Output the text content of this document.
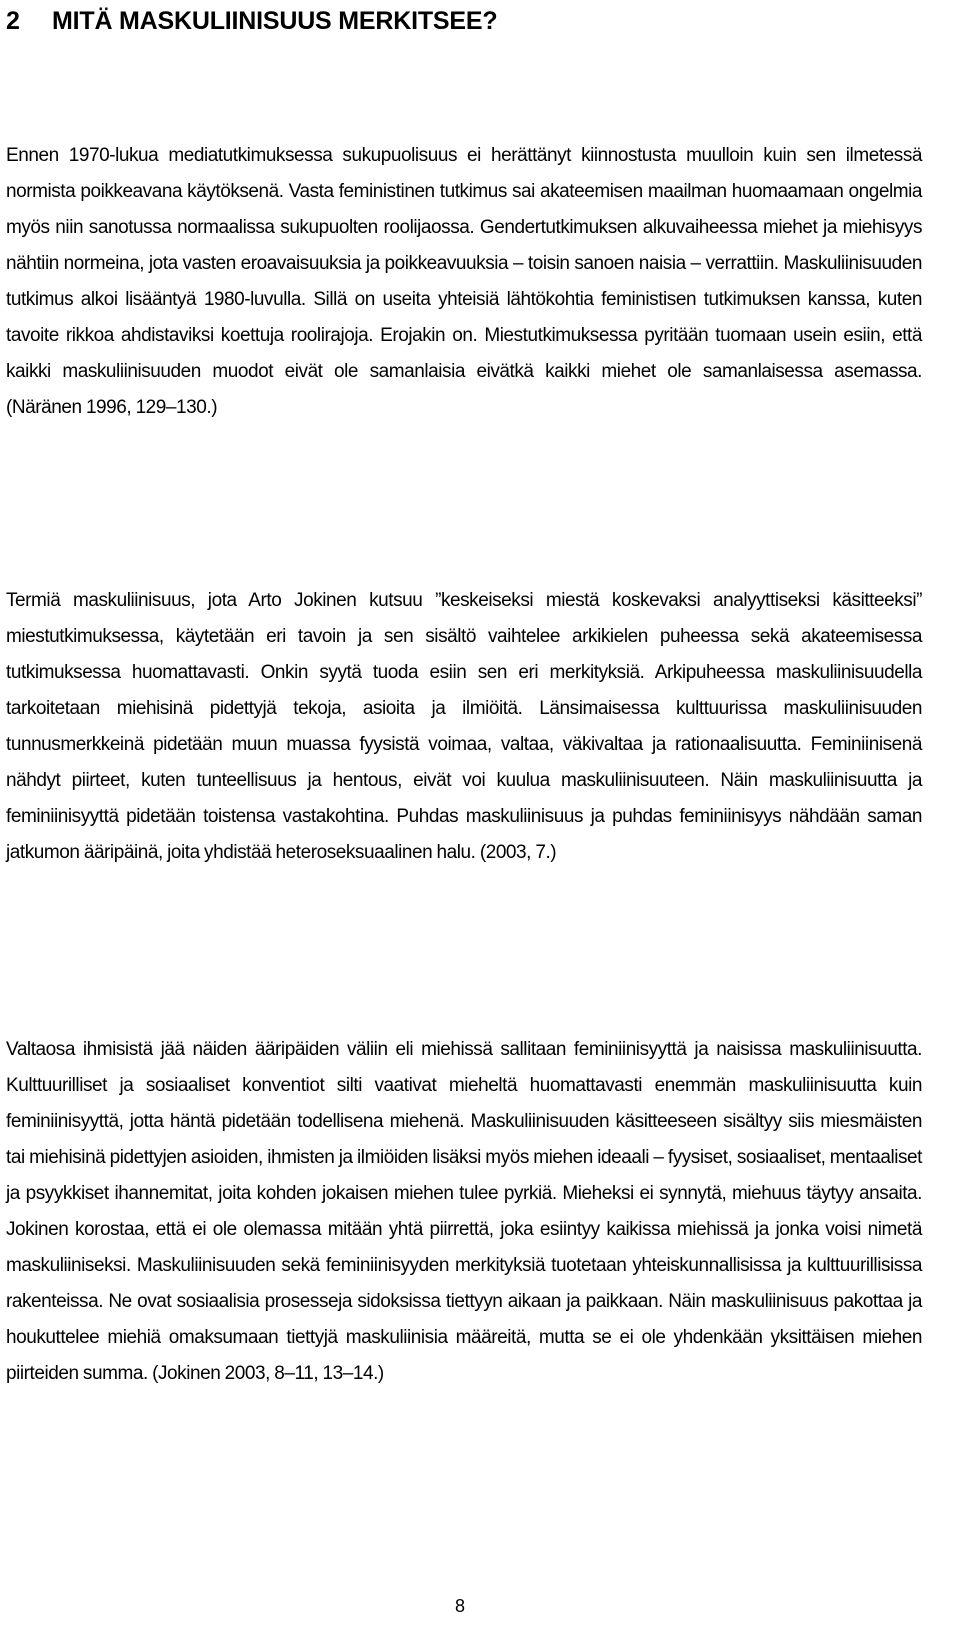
2 MITÄ MASKULIINISUUS MERKITSEE?

Ennen 1970-lukua mediatutkimuksessa sukupuolisuus ei herättänyt kiinnostusta muulloin kuin sen ilmetessä normista poikkeavana käytöksenä. Vasta feministinen tutkimus sai akateemisen maailman huomaamaan ongelmia myös niin sanotussa normaalissa sukupuolten roolijaossa. Gendertutkimuksen alkuvaiheessa miehet ja miehisyys nähtiin normeina, jota vasten eroavaisuuksia ja poikkeavuuksia – toisin sanoen naisia – verrattiin. Maskuliinisuuden tutkimus alkoi lisääntyä 1980-luvulla. Sillä on useita yhteisiä lähtökohtia feministisen tutkimuksen kanssa, kuten tavoite rikkoa ahdistaviksi koettuja roolirajoja. Erojakin on. Miestutkimuksessa pyritään tuomaan usein esiin, että kaikki maskuliinisuuden muodot eivät ole samanlaisia eivätkä kaikki miehet ole samanlaisessa asemassa. (Näränen 1996, 129–130.)

Termiä maskuliinisuus, jota Arto Jokinen kutsuu ”keskeiseksi miestä koskevaksi analyyttiseksi käsitteeksi” miestutkimuksessa, käytetään eri tavoin ja sen sisältö vaihtelee arkikielen puheessa sekä akateemisessa tutkimuksessa huomattavasti. Onkin syytä tuoda esiin sen eri merkityksiä. Arkipuheessa maskuliinisuudella tarkoitetaan miehisinä pidettyjä tekoja, asioita ja ilmiöitä. Länsimaisessa kulttuurissa maskuliinisuuden tunnusmerkkeinä pidetään muun muassa fyysistä voimaa, valtaa, väkivaltaa ja rationaalisuutta. Feminiinisenä nähdyt piirteet, kuten tunteellisuus ja hentous, eivät voi kuulua maskuliinisuuteen. Näin maskuliinisuutta ja feminiinisyyttä pidetään toistensa vastakohtina. Puhdas maskuliinisuus ja puhdas feminiinisyys nähdään saman jatkumon ääripäinä, joita yhdistää heteroseksuaalinen halu. (2003, 7.)

Valtaosa ihmisistä jää näiden ääripäiden väliin eli miehissä sallitaan feminiinisyyttä ja naisissa maskuliinisuutta. Kulttuurilliset ja sosiaaliset konventiot silti vaativat mieheltä huomattavasti enemmän maskuliinisuutta kuin feminiinisyyttä, jotta häntä pidetään todellisena miehenä. Maskuliinisuuden käsitteeseen sisältyy siis miesmäisten tai miehisinä pidettyjen asioiden, ihmisten ja ilmiöiden lisäksi myös miehen ideaali – fyysiset, sosiaaliset, mentaaliset ja psyykkiset ihannemitat, joita kohden jokaisen miehen tulee pyrkiä. Mieheksi ei synnytä, miehuus täytyy ansaita. Jokinen korostaa, että ei ole olemassa mitään yhtä piirrettä, joka esiintyy kaikissa miehissä ja jonka voisi nimetä maskuliiniseksi. Maskuliinisuuden sekä feminiinisyyden merkityksiä tuotetaan yhteiskunnallisissa ja kulttuurillisissa rakenteissa. Ne ovat sosiaalisia prosesseja sidoksissa tiettyyn aikaan ja paikkaan. Näin maskuliinisuus pakottaa ja houkuttelee miehiä omaksumaan tiettyjä maskuliinisia määreitä, mutta se ei ole yhdenkään yksittäisen miehen piirteiden summa. (Jokinen 2003, 8–11, 13–14.)

8
